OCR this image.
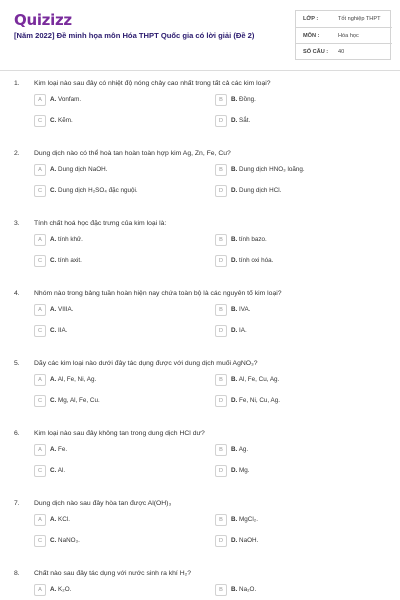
Quizizz
[Năm 2022] Đề minh họa môn Hóa THPT Quốc gia có lời giải (Đề 2)
LỚP :	Tốt nghiệp THPT
MÔN :	Hóa học
SỐ CÂU : 40
1. Kim loại nào sau đây có nhiệt độ nóng chảy cao nhất trong tất cả các kim loại?
A	A. Vonfam.	B	B. Đồng.
C	C. Kẽm.	D	D. Sắt.
2. Dung dịch nào có thể hoà tan hoàn toàn hợp kim Ag, Zn, Fe, Cu?
A	A. Dung dịch NaOH.	B	B. Dung dịch HNO₃ loãng.
C	C. Dung dịch H₂SO₄ đặc nguội.	D	D. Dung dịch HCl.
3. Tính chất hoá học đặc trưng của kim loại là:
A	A. tính khử.	B	B. tính bazo.
C	C. tính axit.	D	D. tính oxi hóa.
4. Nhóm nào trong bảng tuần hoàn hiện nay chứa toàn bộ là các nguyên tố kim loại?
A	A. VIIIA.	B	B. IVA.
C	C. IIA.	D	D. IA.
5. Dãy các kim loại nào dưới đây tác dụng được với dung dịch muối AgNO₃?
A	A. Al, Fe, Ni, Ag.	B	B. Al, Fe, Cu, Ag.
C	C. Mg, Al, Fe, Cu.	D	D. Fe, Ni, Cu, Ag.
6. Kim loại nào sau đây không tan trong dung dịch HCl dư?
A	A. Fe.	B	B. Ag.
C	C. Al.	D	D. Mg.
7. Dung dịch nào sau đây hòa tan được Al(OH)₃
A	A. KCl.	B	B. MgCl₂.
C	C. NaNO₃.	D	D. NaOH.
8. Chất nào sau đây tác dụng với nước sinh ra khí H₂?
A	A. K₂O.	B	B. Na₂O.
